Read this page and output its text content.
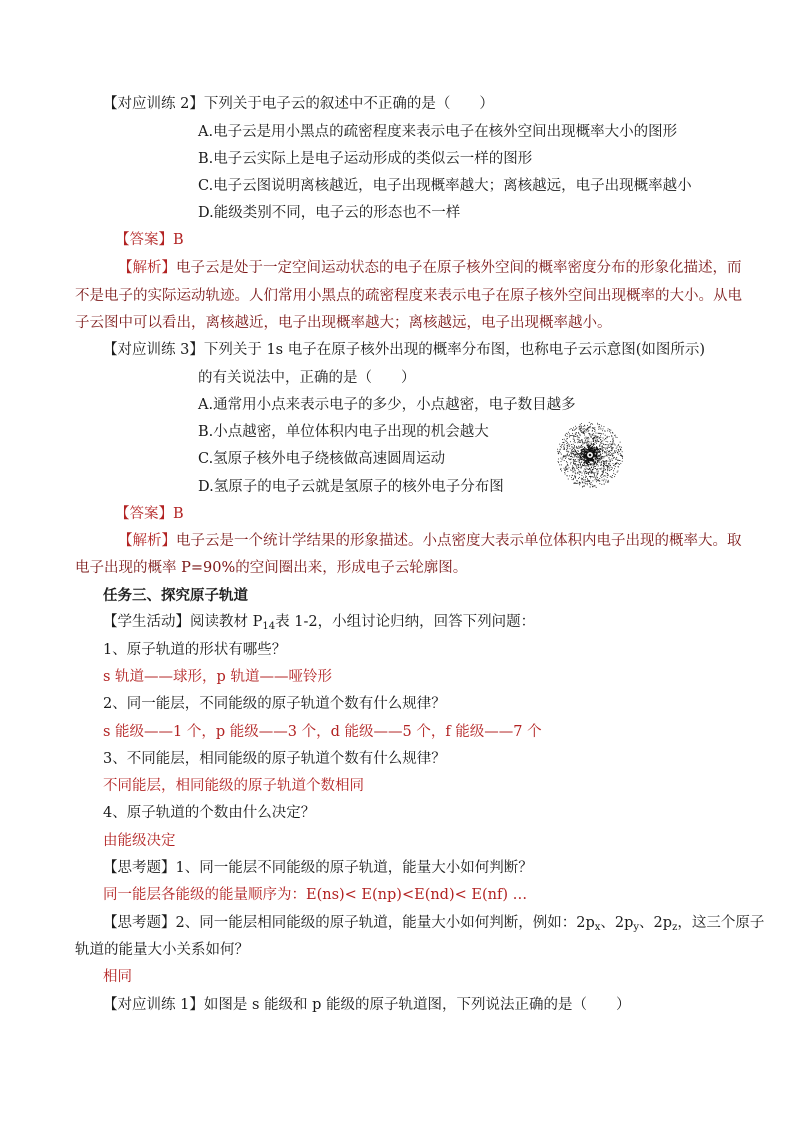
【对应训练 2】下列关于电子云的叙述中不正确的是（　　）
A.电子云是用小黑点的疏密程度来表示电子在核外空间出现概率大小的图形
B.电子云实际上是电子运动形成的类似云一样的图形
C.电子云图说明离核越近，电子出现概率越大；离核越远，电子出现概率越小
D.能级类别不同，电子云的形态也不一样
【答案】B
【解析】电子云是处于一定空间运动状态的电子在原子核外空间的概率密度分布的形象化描述，而
不是电子的实际运动轨迹。人们常用小黑点的疏密程度来表示电子在原子核外空间出现概率的大小。从电
子云图中可以看出，离核越近，电子出现概率越大；离核越远，电子出现概率越小。
【对应训练 3】下列关于 1s 电子在原子核外出现的概率分布图，也称电子云示意图(如图所示)
的有关说法中，正确的是（　　）
A.通常用小点来表示电子的多少，小点越密，电子数目越多
B.小点越密，单位体积内电子出现的机会越大
C.氢原子核外电子绕核做高速圆周运动
D.氢原子的电子云就是氢原子的核外电子分布图
【答案】B
【解析】电子云是一个统计学结果的形象描述。小点密度大表示单位体积内电子出现的概率大。取
电子出现的概率 P=90%的空间圈出来，形成电子云轮廓图。
任务三、探究原子轨道
【学生活动】阅读教材 $P_{14}$表 1-2，小组讨论归纳，回答下列问题：
1、原子轨道的形状有哪些？
s 轨道——球形，p 轨道——哑铃形
2、同一能层，不同能级的原子轨道个数有什么规律？
s 能级——1 个，p 能级——3 个，d 能级——5 个，f 能级——7 个
3、不同能层，相同能级的原子轨道个数有什么规律？
不同能层，相同能级的原子轨道个数相同
4、原子轨道的个数由什么决定？
由能级决定
【思考题】1、同一能层不同能级的原子轨道，能量大小如何判断？
同一能层各能级的能量顺序为：E(ns)< E(np)<E(nd)< E(nf) …
【思考题】2、同一能层相同能级的原子轨道，能量大小如何判断，例如：$2p_x$、$2p_y$、$2p_z$，这三个原子
轨道的能量大小关系如何？
相同
【对应训练 1】如图是 s 能级和 p 能级的原子轨道图，下列说法正确的是（　　）
